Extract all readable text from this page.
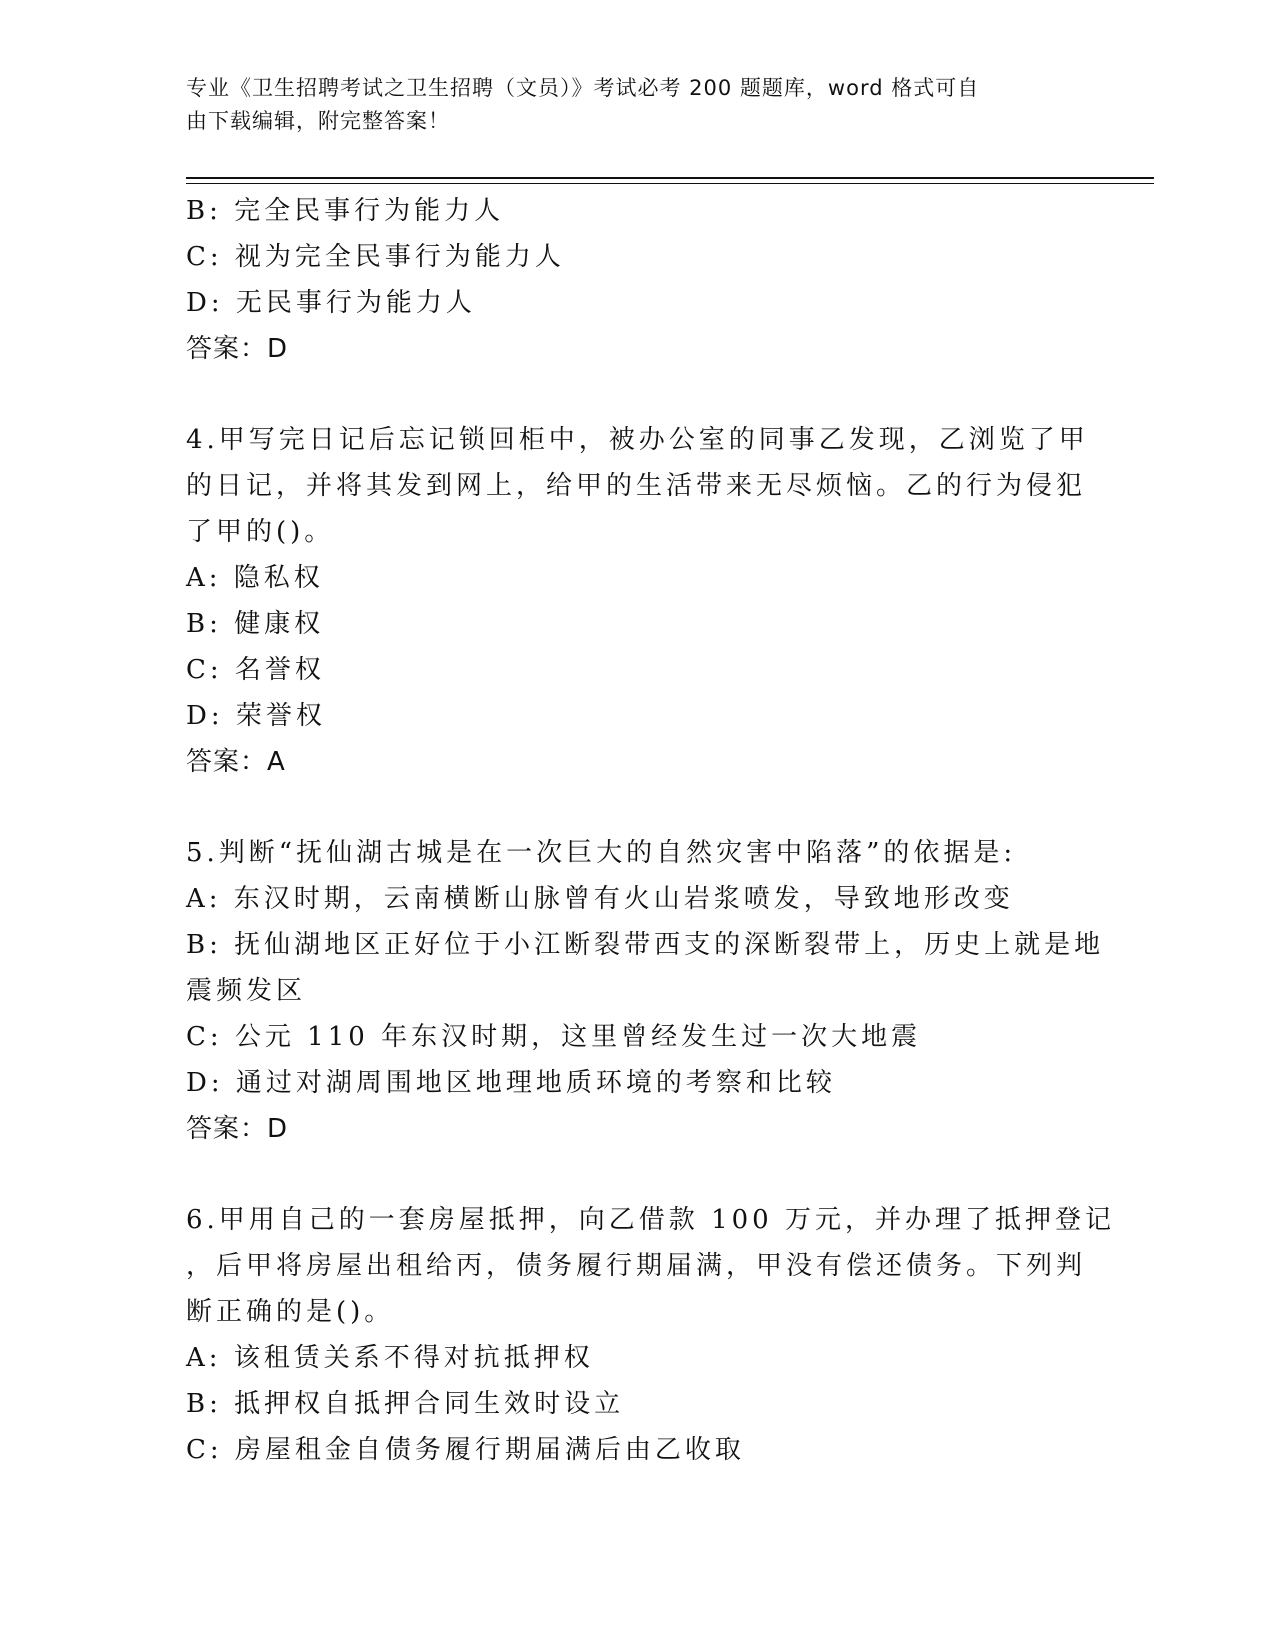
专业《卫生招聘考试之卫生招聘（文员）》考试必考 200 题题库，word 格式可自
由下载编辑，附完整答案！
B: 完全民事行为能力人
C: 视为完全民事行为能力人
D: 无民事行为能力人
答案：D
4.甲写完日记后忘记锁回柜中，被办公室的同事乙发现，乙浏览了甲
的日记，并将其发到网上，给甲的生活带来无尽烦恼。乙的行为侵犯
了甲的()。
A: 隐私权
B: 健康权
C: 名誉权
D: 荣誉权
答案：A
5.判断“抚仙湖古城是在一次巨大的自然灾害中陷落”的依据是:
A: 东汉时期，云南横断山脉曾有火山岩浆喷发，导致地形改变
B: 抚仙湖地区正好位于小江断裂带西支的深断裂带上，历史上就是地
震频发区
C: 公元 110 年东汉时期，这里曾经发生过一次大地震
D: 通过对湖周围地区地理地质环境的考察和比较
答案：D
6.甲用自己的一套房屋抵押，向乙借款 100 万元，并办理了抵押登记
，后甲将房屋出租给丙，债务履行期届满，甲没有偿还债务。下列判
断正确的是()。
A: 该租赁关系不得对抗抵押权
B: 抵押权自抵押合同生效时设立
C: 房屋租金自债务履行期届满后由乙收取
